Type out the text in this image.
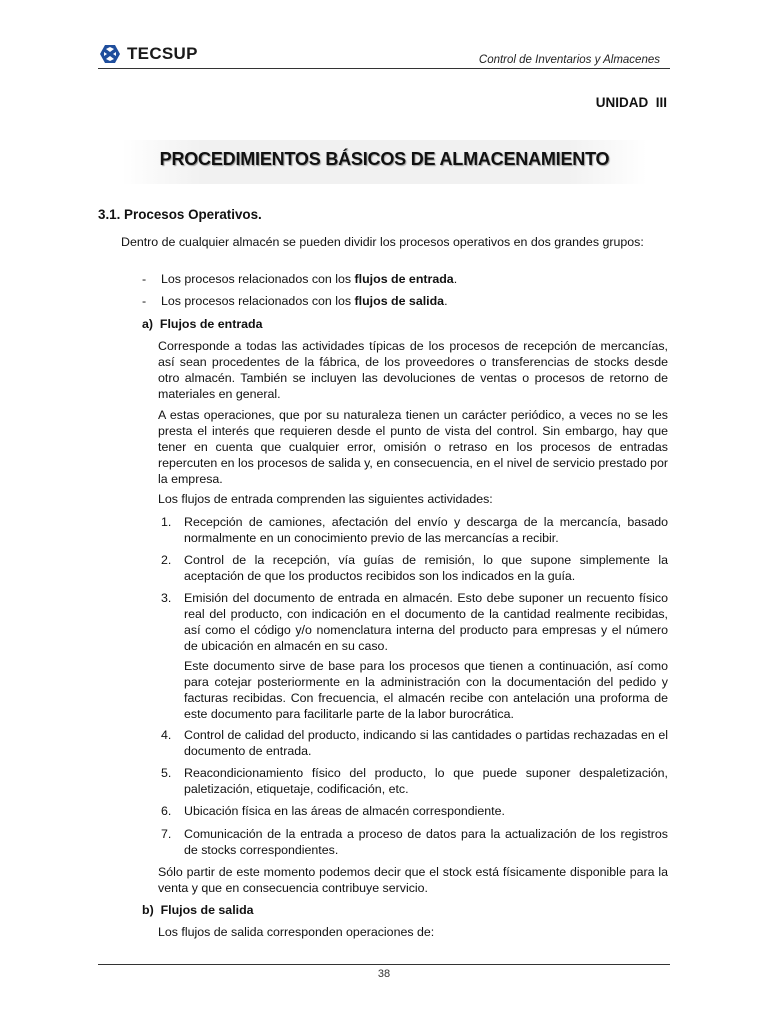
TECSUP	Control de Inventarios y Almacenes
UNIDAD  III
PROCEDIMIENTOS BÁSICOS DE ALMACENAMIENTO
3.1. Procesos Operativos.

Dentro de cualquier almacén se pueden dividir los procesos operativos en dos grandes grupos:

- Los procesos relacionados con los flujos de entrada.
- Los procesos relacionados con los flujos de salida.
a)  Flujos de entrada

Corresponde a todas las actividades típicas de los procesos de recepción de mercancías, así sean procedentes de la fábrica, de los proveedores o transferencias de stocks desde otro almacén. También se incluyen las devoluciones de ventas o procesos de retorno de materiales en general.

A estas operaciones, que por su naturaleza tienen un carácter periódico, a veces no se les presta el interés que requieren desde el punto de vista del control. Sin embargo, hay que tener en cuenta que cualquier error, omisión o retraso en los procesos de entradas repercuten en los procesos de salida y, en consecuencia, en el nivel de servicio prestado por la empresa.

Los flujos de entrada comprenden las siguientes actividades:

1. Recepción de camiones, afectación del envío y descarga de la mercancía, basado normalmente en un conocimiento previo de las mercancías a recibir.

2. Control de la recepción, vía guías de remisión, lo que supone simplemente la aceptación de que los productos recibidos son los indicados en la guía.

3. Emisión del documento de entrada en almacén. Esto debe suponer un recuento físico real del producto, con indicación en el documento de la cantidad realmente recibidas, así como el código y/o nomenclatura interna del producto para empresas y el número de ubicación en almacén en su caso.

Este documento sirve de base para los procesos que tienen a continuación, así como para cotejar posteriormente en la administración con la documentación del pedido y facturas recibidas. Con frecuencia, el almacén recibe con antelación una proforma de este documento para facilitarle parte de la labor burocrática.

4. Control de calidad del producto, indicando si las cantidades o partidas rechazadas en el documento de entrada.

5. Reacondicionamiento físico del producto, lo que puede suponer despaletización, paletización, etiquetaje, codificación, etc.

6. Ubicación física en las áreas de almacén correspondiente.

7. Comunicación de la entrada a proceso de datos para la actualización de los registros de stocks correspondientes.

Sólo partir de este momento podemos decir que el stock está físicamente disponible para la venta y que en consecuencia contribuye servicio.

b)  Flujos de salida

Los flujos de salida corresponden operaciones de:

38
